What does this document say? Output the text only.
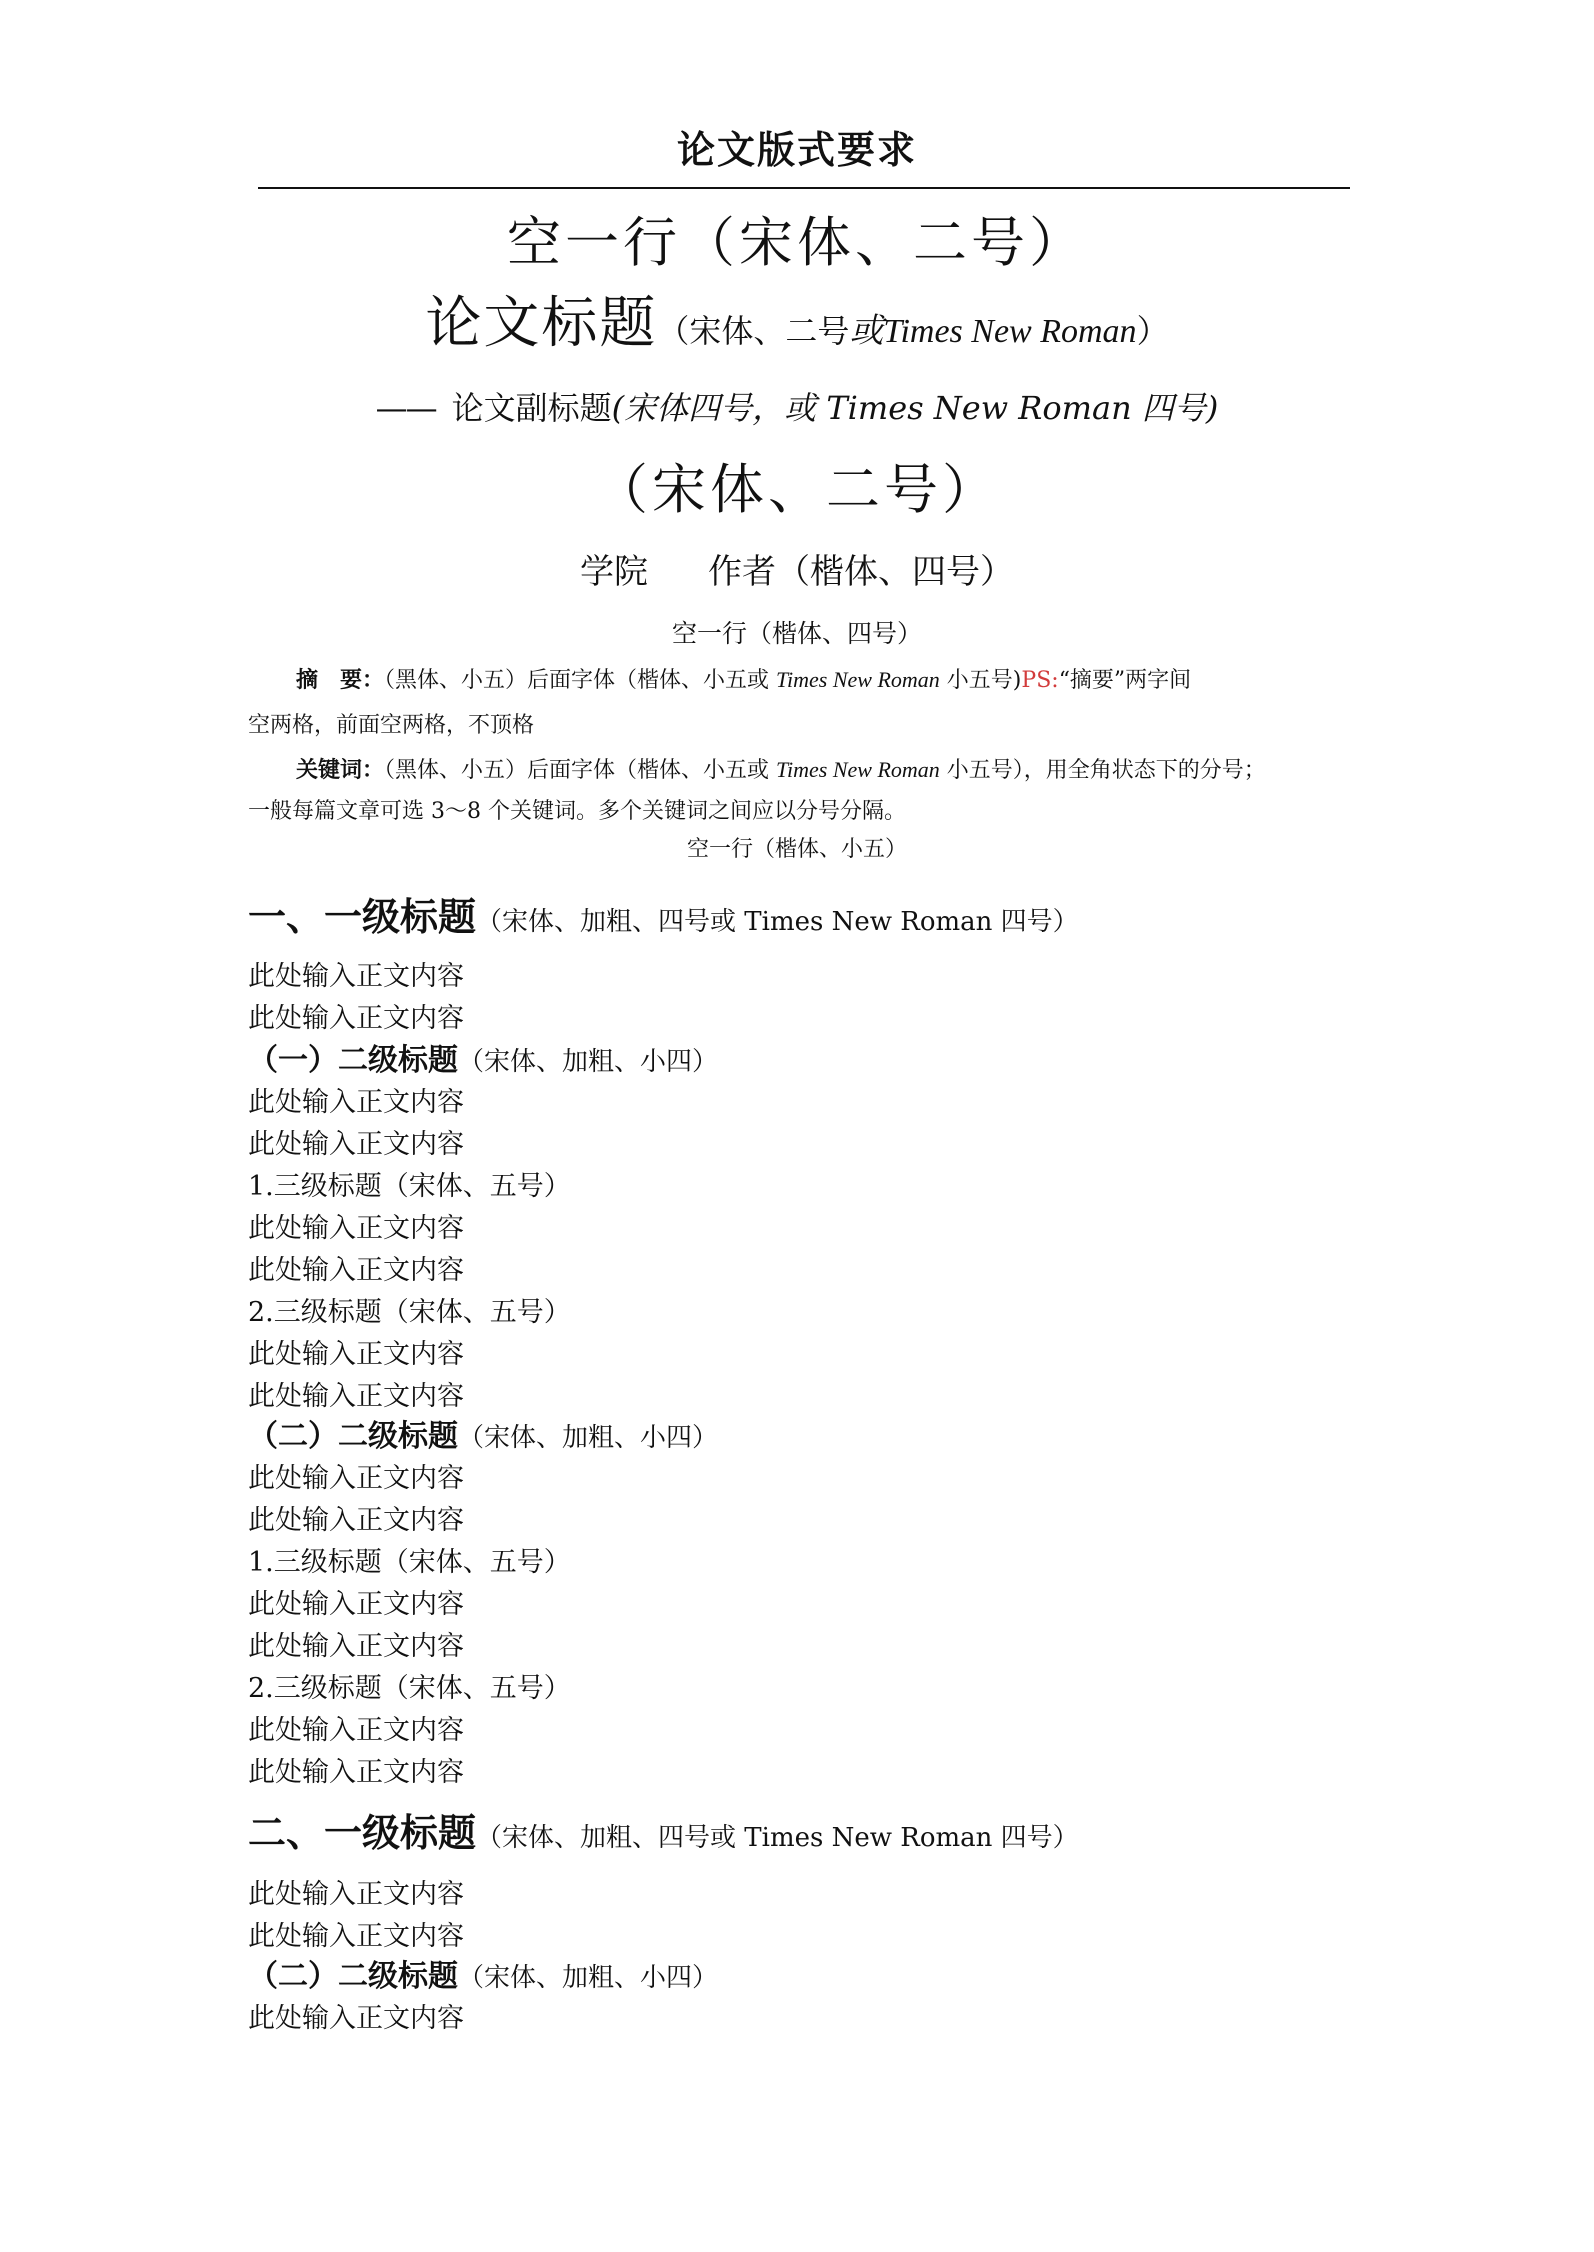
论文版式要求
空一行（宋体、二号）
论文标题（宋体、二号或Times New Roman）
—— 论文副标题(宋体四号，或 Times New Roman 四号)
（宋体、二号）
学院 作者（楷体、四号）
空一行（楷体、四号）
摘　要：（黑体、小五）后面字体（楷体、小五或 Times New Roman 小五号)PS:“摘要”两字间
空两格，前面空两格，不顶格
关键词：（黑体、小五）后面字体（楷体、小五或 Times New Roman 小五号），用全角状态下的分号；
一般每篇文章可选 3～8 个关键词。多个关键词之间应以分号分隔。
空一行（楷体、小五）
一、一级标题（宋体、加粗、四号或 Times New Roman 四号）
此处输入正文内容
此处输入正文内容
（一）二级标题（宋体、加粗、小四）
此处输入正文内容
此处输入正文内容
1.三级标题（宋体、五号）
此处输入正文内容
此处输入正文内容
2.三级标题（宋体、五号）
此处输入正文内容
此处输入正文内容
（二）二级标题（宋体、加粗、小四）
此处输入正文内容
此处输入正文内容
1.三级标题（宋体、五号）
此处输入正文内容
此处输入正文内容
2.三级标题（宋体、五号）
此处输入正文内容
此处输入正文内容
二、一级标题（宋体、加粗、四号或 Times New Roman 四号）
此处输入正文内容
此处输入正文内容
（二）二级标题（宋体、加粗、小四）
此处输入正文内容
